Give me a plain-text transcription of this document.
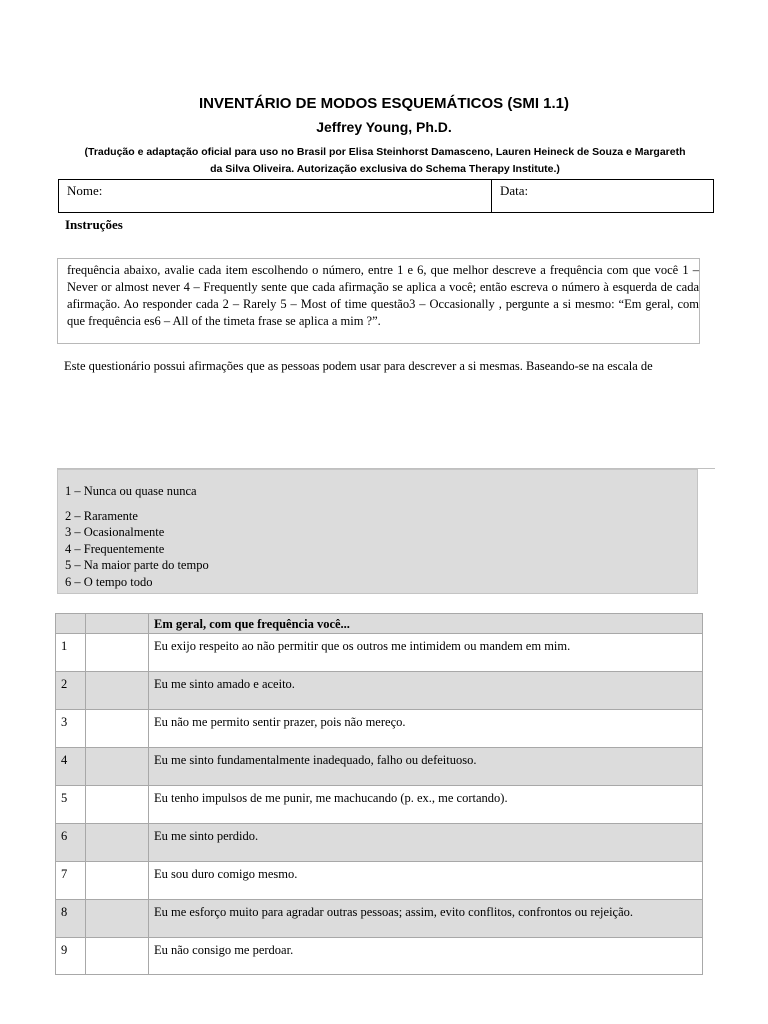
INVENTÁRIO DE MODOS ESQUEMÁTICOS (SMI 1.1)
Jeffrey Young, Ph.D.
(Tradução e adaptação oficial para uso no Brasil por Elisa Steinhorst Damasceno, Lauren Heineck de Souza e Margareth
da Silva Oliveira. Autorização exclusiva do Schema Therapy Institute.)
Nome:	Data:
Instruções
frequência abaixo, avalie cada item escolhendo o número, entre 1 e 6, que melhor descreve a frequência com que você 1 – Never or almost never 4 – Frequently sente que cada afirmação se aplica a você; então escreva o número à esquerda de cada afirmação. Ao responder cada 2 – Rarely 5 – Most of time questão3 – Occasionally , pergunte a si mesmo: “Em geral, com que frequência es6 – All of the timeta frase se aplica a mim ?”.
Este questionário possui afirmações que as pessoas podem usar para descrever a si mesmas. Baseando-se na escala de
1 – Nunca ou quase nunca
2 – Raramente
3 – Ocasionalmente
4 – Frequentemente
5 – Na maior parte do tempo
6 – O tempo todo
		Em geral, com que frequência você...
1		Eu exijo respeito ao não permitir que os outros me intimidem ou mandem em mim.
2		Eu me sinto amado e aceito.
3		Eu não me permito sentir prazer, pois não mereço.
4		Eu me sinto fundamentalmente inadequado, falho ou defeituoso.
5		Eu tenho impulsos de me punir, me machucando (p. ex., me cortando).
6		Eu me sinto perdido.
7		Eu sou duro comigo mesmo.
8		Eu me esforço muito para agradar outras pessoas; assim, evito conflitos, confrontos ou rejeição.
9		Eu não consigo me perdoar.
